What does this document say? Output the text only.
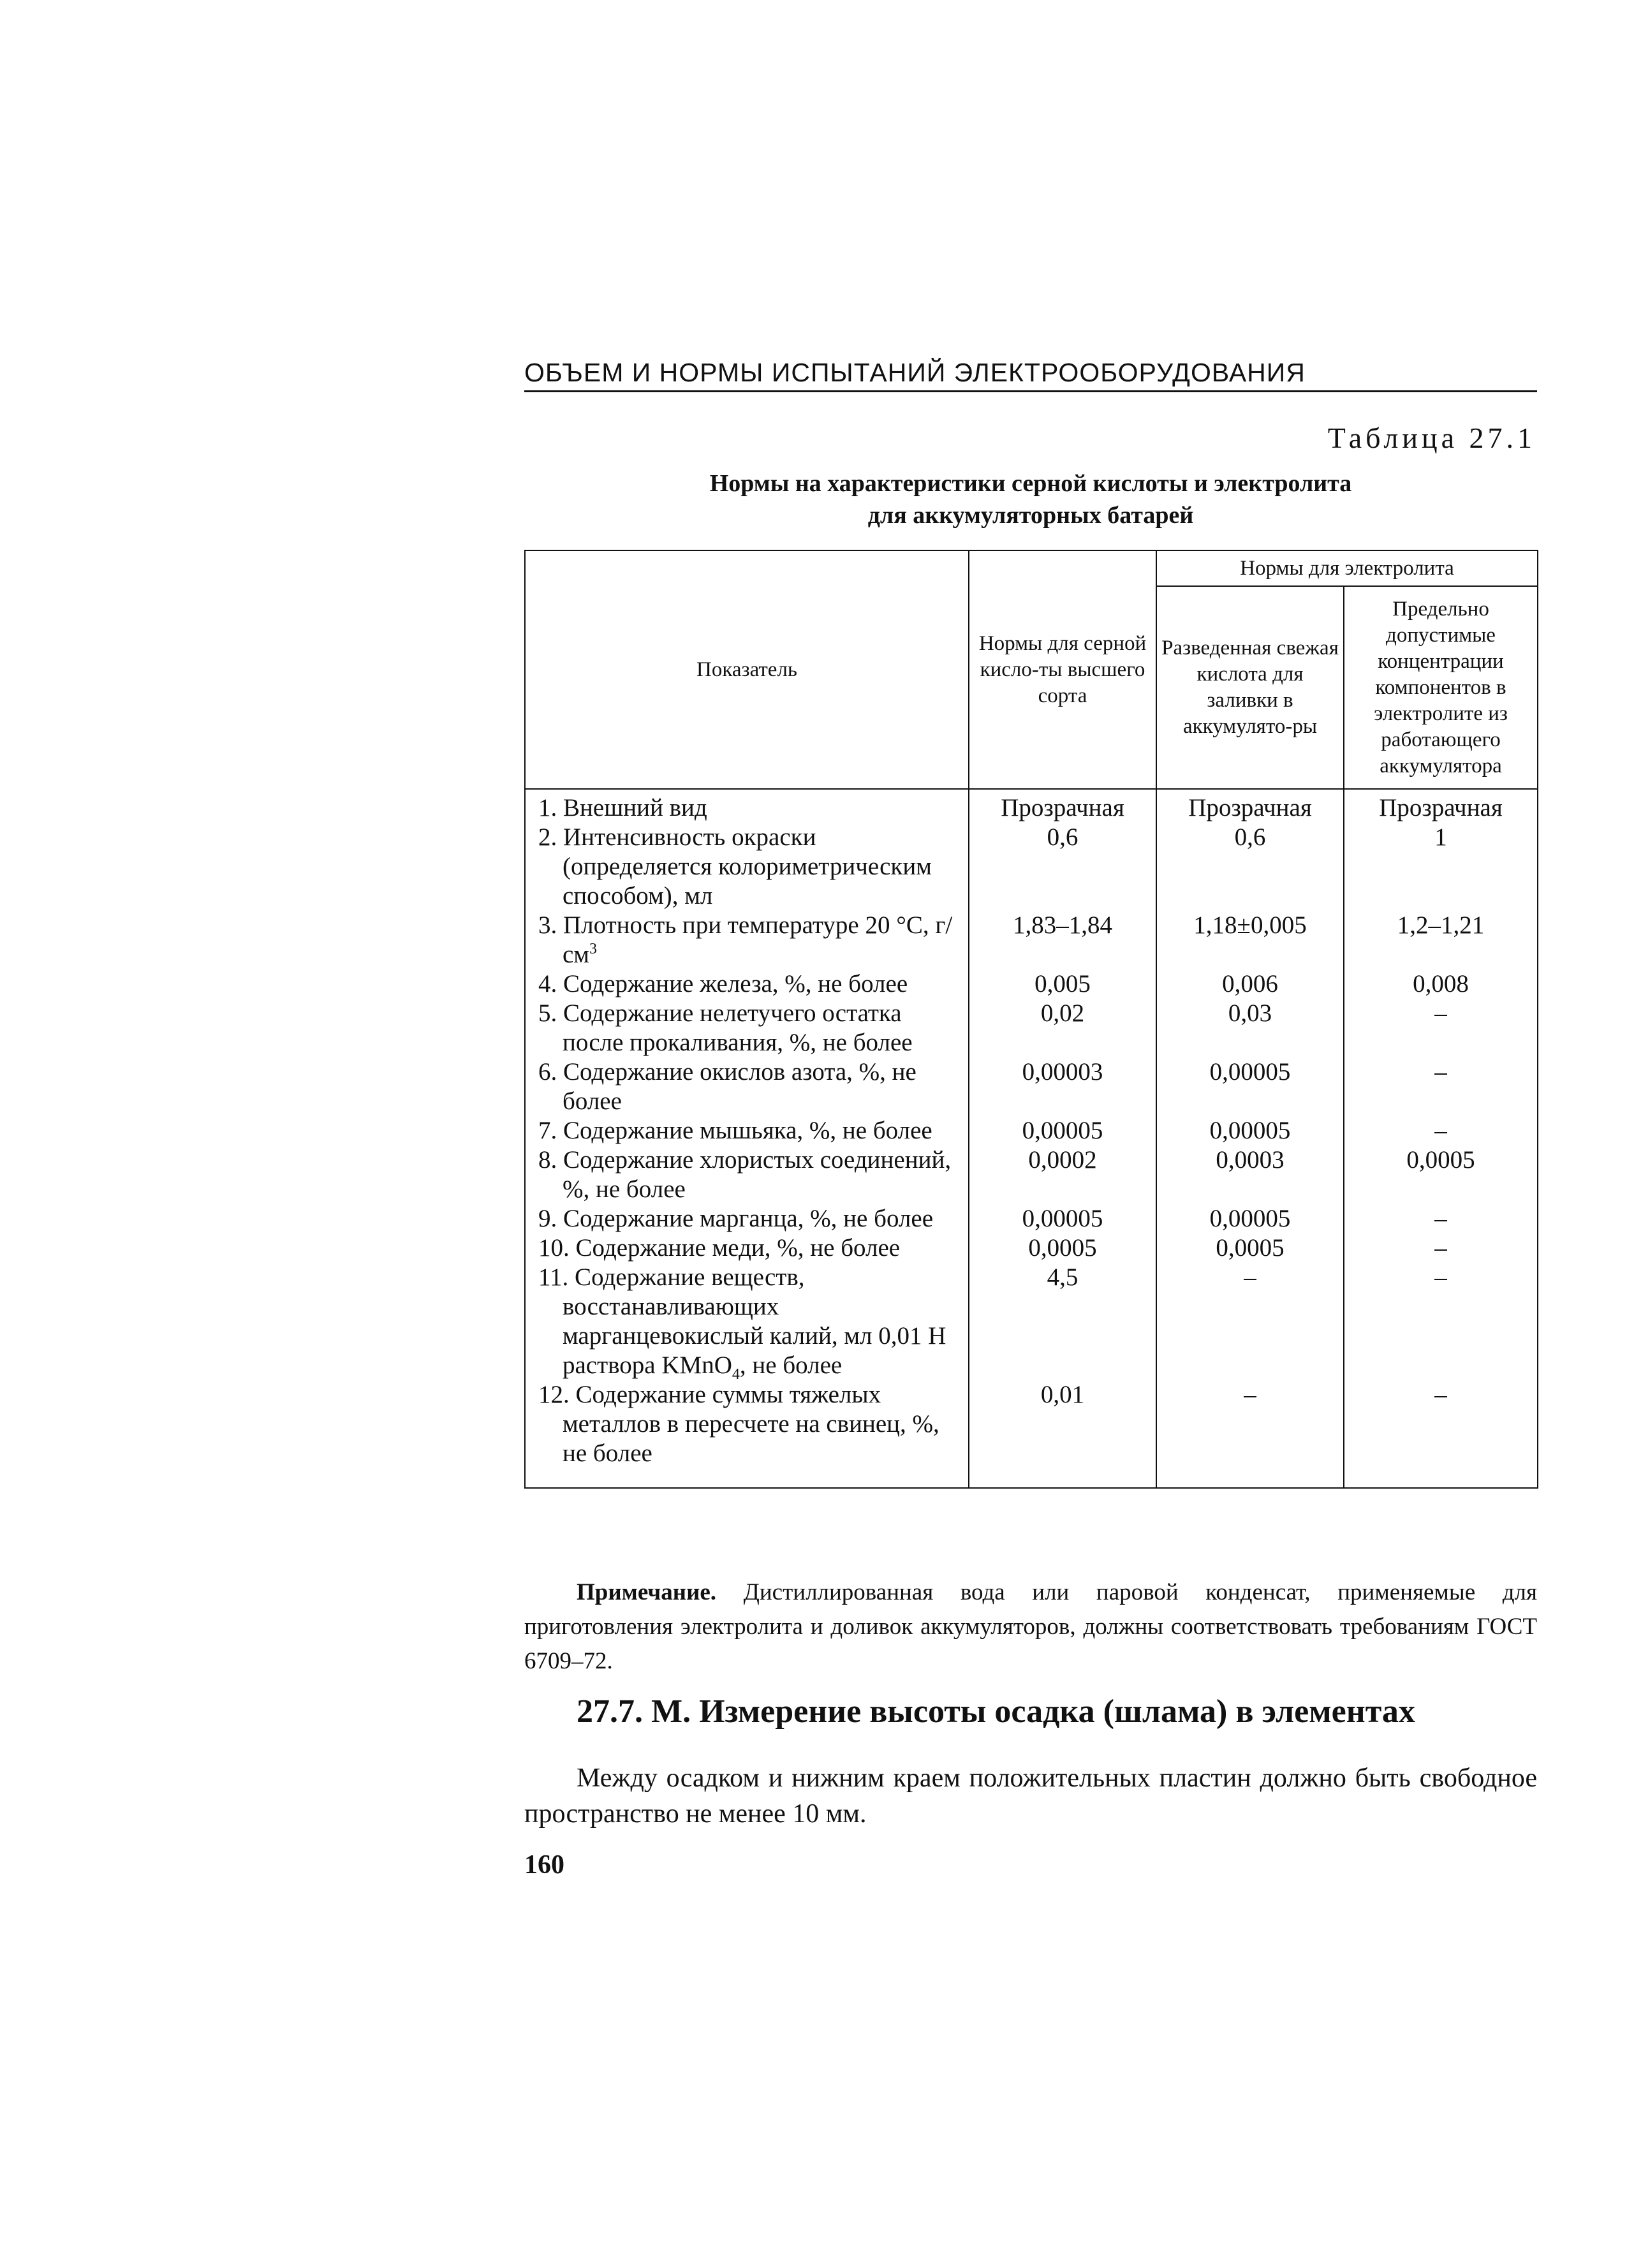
ОБЪЕМ И НОРМЫ ИСПЫТАНИЙ ЭЛЕКТРООБОРУДОВАНИЯ
Таблица 27.1
Нормы на характеристики серной кислоты и электролита
для аккумуляторных батарей
Показатель	Нормы для серной кисло-ты высшего сорта	Нормы для электролита	
		Разведенная свежая кислота для заливки в аккумулято-ры	Предельно допустимые концентрации компонентов в электролите из работающего аккумулятора
1. Внешний вид	Прозрачная	Прозрачная	Прозрачная
2. Интенсивность окраски (определяется колориметрическим способом), мл	0,6	0,6	1
3. Плотность при температуре 20 °С, $г/см^3$	1,83–1,84	1,18±0,005	1,2–1,21
4. Содержание железа, %, не более	0,005	0,006	0,008
5. Содержание нелетучего остатка после прокаливания, %, не более	0,02	0,03	–
6. Содержание окислов азота, %, не более	0,00003	0,00005	–
7. Содержание мышьяка, %, не более	0,00005	0,00005	–
8. Содержание хлористых соединений, %, не более	0,0002	0,0003	0,0005
9. Содержание марганца, %, не более	0,00005	0,00005	–
10. Содержание меди, %, не более	0,0005	0,0005	–
11. Содержание веществ, восстанавливающих марганцевокислый калий, мл 0,01 Н раствора KMnO$_4$, не более	4,5	–	–
12. Содержание суммы тяжелых металлов в пересчете на свинец, %, не более	0,01	–	–
Примечание. Дистиллированная вода или паровой конденсат, применяемые для приготовления электролита и доливок аккумуляторов, должны соответствовать требованиям ГОСТ 6709–72.
27.7. М. Измерение высоты осадка (шлама) в элементах
Между осадком и нижним краем положительных пластин должно быть свободное пространство не менее 10 мм.
160
